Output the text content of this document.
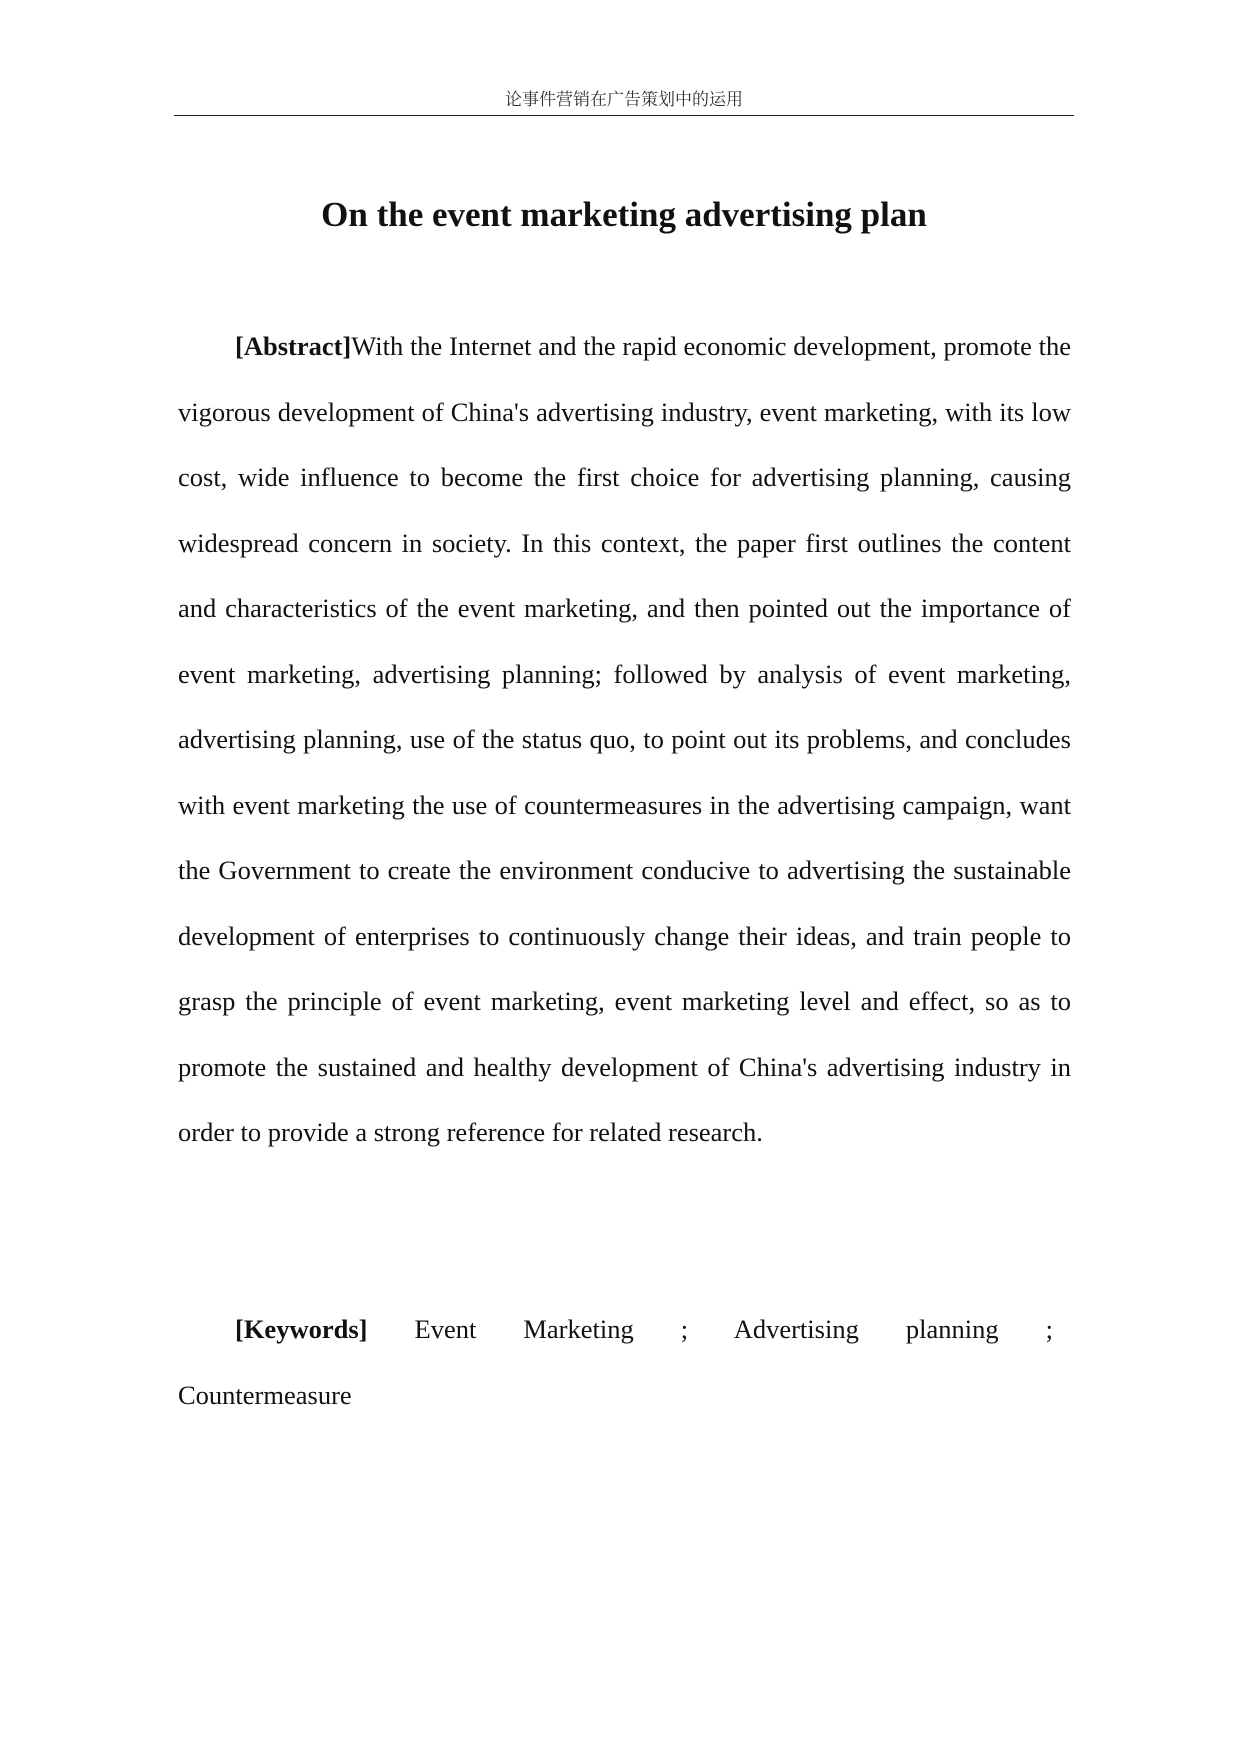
论事件营销在广告策划中的运用
On the event marketing advertising plan

[Abstract]With the Internet and the rapid economic development, promote the vigorous development of China's advertising industry, event marketing, with its low cost, wide influence to become the first choice for advertising planning, causing widespread concern in society. In this context, the paper first outlines the content and characteristics of the event marketing, and then pointed out the importance of event marketing, advertising planning; followed by analysis of event marketing, advertising planning, use of the status quo, to point out its problems, and concludes with event marketing the use of countermeasures in the advertising campaign, want the Government to create the environment conducive to advertising the sustainable development of enterprises to continuously change their ideas, and train people to grasp the principle of event marketing, event marketing level and effect, so as to promote the sustained and healthy development of China's advertising industry in order to provide a strong reference for related research.

[Keywords] Event Marketing ; Advertising planning ; Countermeasure
